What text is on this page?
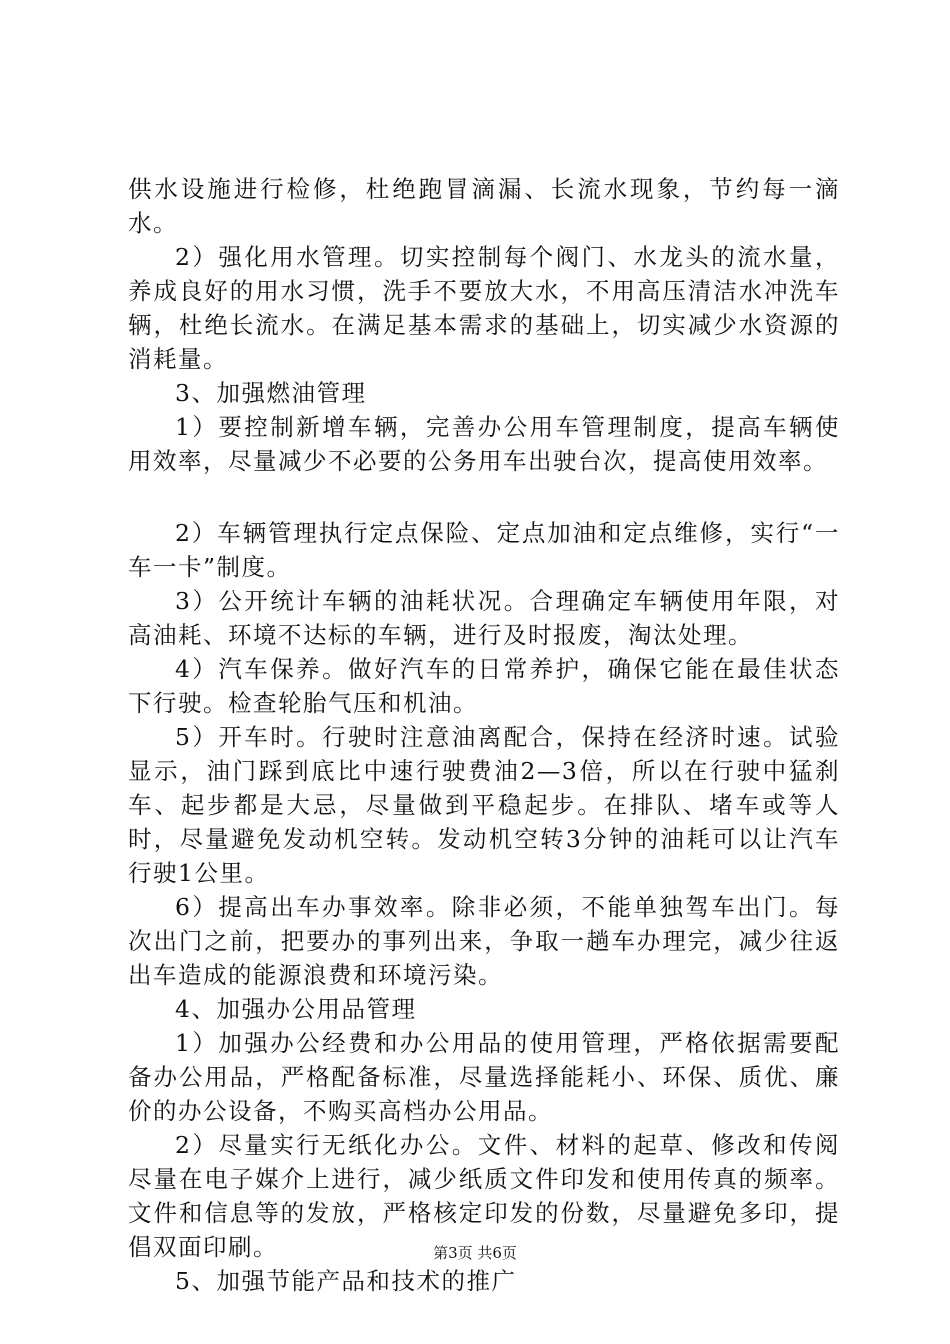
供水设施进行检修，杜绝跑冒滴漏、长流水现象，节约每一滴水。

2）强化用水管理。切实控制每个阀门、水龙头的流水量，养成良好的用水习惯，洗手不要放大水，不用高压清洁水冲洗车辆，杜绝长流水。在满足基本需求的基础上，切实减少水资源的消耗量。

3、加强燃油管理

1）要控制新增车辆，完善办公用车管理制度，提高车辆使用效率，尽量减少不必要的公务用车出驶台次，提高使用效率。

2）车辆管理执行定点保险、定点加油和定点维修，实行“一车一卡”制度。

3）公开统计车辆的油耗状况。合理确定车辆使用年限，对高油耗、环境不达标的车辆，进行及时报废，淘汰处理。

4）汽车保养。做好汽车的日常养护，确保它能在最佳状态下行驶。检查轮胎气压和机油。

5）开车时。行驶时注意油离配合，保持在经济时速。试验显示，油门踩到底比中速行驶费油2—3倍，所以在行驶中猛刹车、起步都是大忌，尽量做到平稳起步。在排队、堵车或等人时，尽量避免发动机空转。发动机空转3分钟的油耗可以让汽车行驶1公里。

6）提高出车办事效率。除非必须，不能单独驾车出门。每次出门之前，把要办的事列出来，争取一趟车办理完，减少往返出车造成的能源浪费和环境污染。

4、加强办公用品管理

1）加强办公经费和办公用品的使用管理，严格依据需要配备办公用品，严格配备标准，尽量选择能耗小、环保、质优、廉价的办公设备，不购买高档办公用品。

2）尽量实行无纸化办公。文件、材料的起草、修改和传阅尽量在电子媒介上进行，减少纸质文件印发和使用传真的频率。文件和信息等的发放，严格核定印发的份数，尽量避免多印，提倡双面印刷。

5、加强节能产品和技术的推广

第3页 共6页
